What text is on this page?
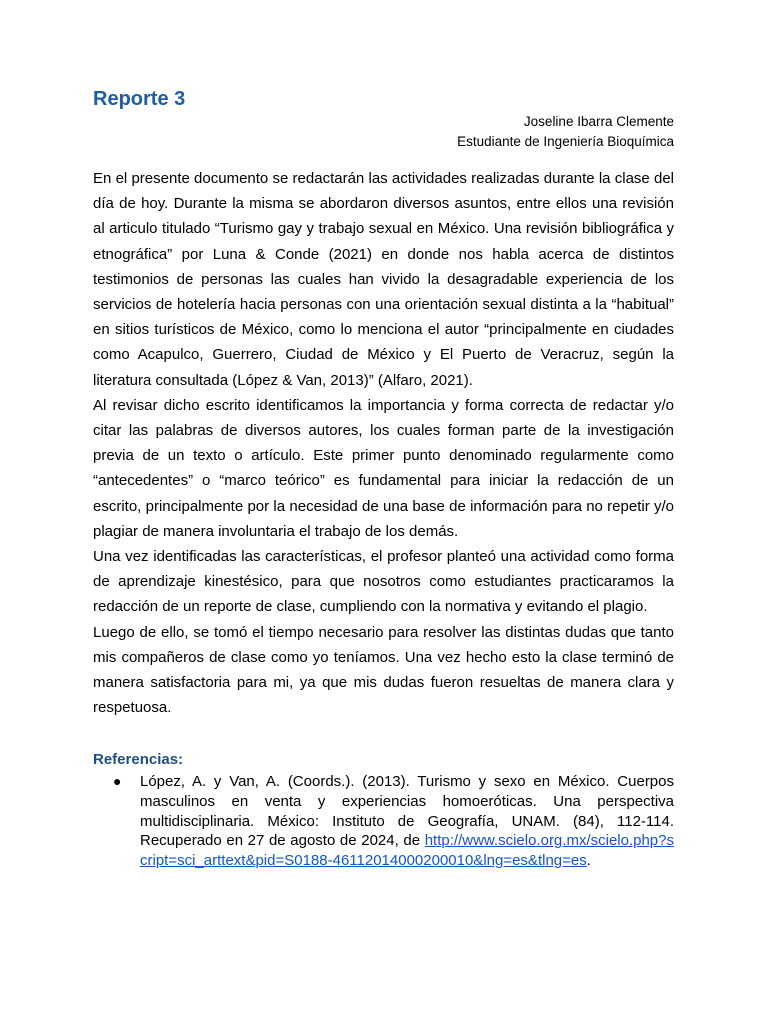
Reporte 3
Joseline Ibarra Clemente
Estudiante de Ingeniería Bioquímica

En el presente documento se redactarán las actividades realizadas durante la clase del día de hoy. Durante la misma se abordaron diversos asuntos, entre ellos una revisión al articulo titulado “Turismo gay y trabajo sexual en México. Una revisión bibliográfica y etnográfica” por Luna & Conde (2021) en donde nos habla acerca de distintos testimonios de personas las cuales han vivido la desagradable experiencia de los servicios de hotelería hacia personas con una orientación sexual distinta a la “habitual” en sitios turísticos de México, como lo menciona el autor “principalmente en ciudades como Acapulco, Guerrero, Ciudad de México y El Puerto de Veracruz, según la literatura consultada (López & Van, 2013)” (Alfaro, 2021).

Al revisar dicho escrito identificamos la importancia y forma correcta de redactar y/o citar las palabras de diversos autores, los cuales forman parte de la investigación previa de un texto o artículo. Este primer punto denominado regularmente como “antecedentes” o “marco teórico” es fundamental para iniciar la redacción de un escrito, principalmente por la necesidad de una base de información para no repetir y/o plagiar de manera involuntaria el trabajo de los demás.

Una vez identificadas las características, el profesor planteó una actividad como forma de aprendizaje kinestésico, para que nosotros como estudiantes practicaramos la redacción de un reporte de clase, cumpliendo con la normativa y evitando el plagio.

Luego de ello, se tomó el tiempo necesario para resolver las distintas dudas que tanto mis compañeros de clase como yo teníamos. Una vez hecho esto la clase terminó de manera satisfactoria para mi, ya que mis dudas fueron resueltas de manera clara y respetuosa.

Referencias:
● López, A. y Van, A. (Coords.). (2013). Turismo y sexo en México. Cuerpos masculinos en venta y experiencias homoeróticas. Una perspectiva multidisciplinaria. México: Instituto de Geografía, UNAM. (84), 112-114. Recuperado en 27 de agosto de 2024, de http://www.scielo.org.mx/scielo.php?script=sci_arttext&pid=S0188-46112014000200010&lng=es&tlng=es.
